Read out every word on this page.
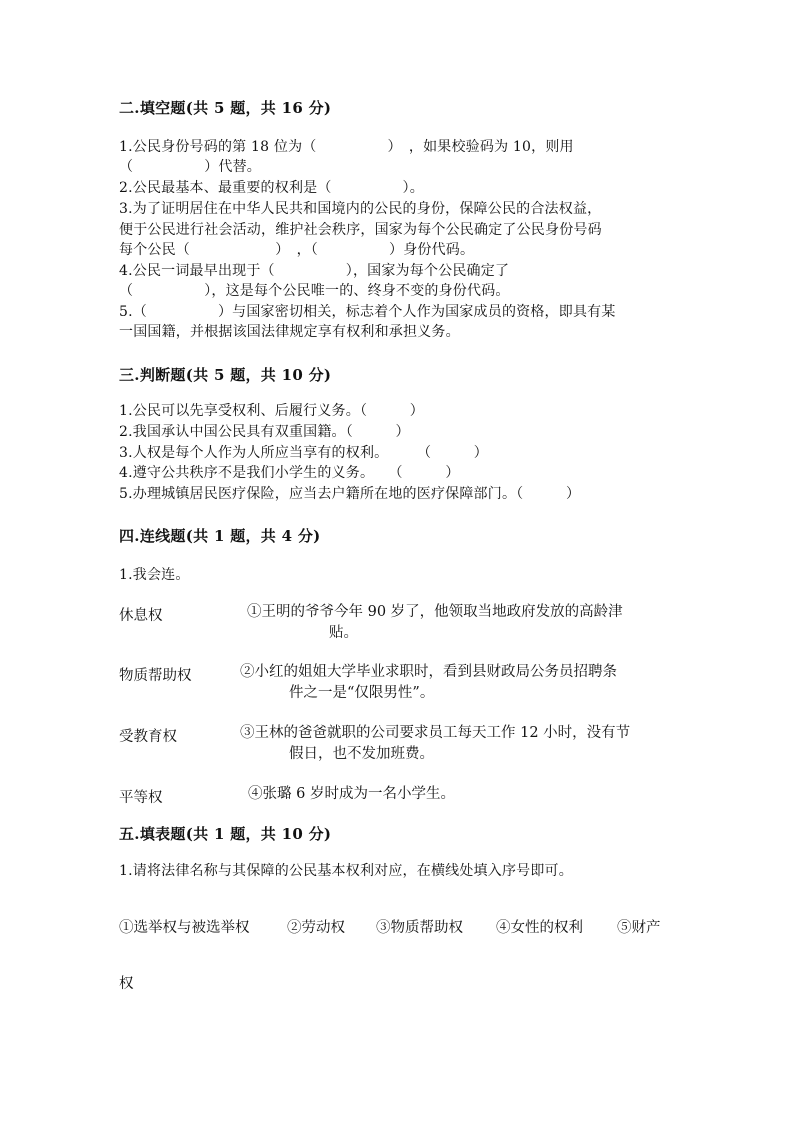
二.填空题(共 5 题，共 16 分)
1.公民身份号码的第 18 位为（　　　　　）　，如果校验码为 10，则用
（　　　　　）代替。
2.公民最基本、最重要的权利是（　　　　　）。
3.为了证明居住在中华人民共和国境内的公民的身份，保障公民的合法权益，
便于公民进行社会活动，维护社会秩序，国家为每个公民确定了公民身份号码
每个公民（　　　　　　）　，（　　　　　）身份代码。
4.公民一词最早出现于（　　　　　），国家为每个公民确定了
（　　　　　），这是每个公民唯一的、终身不变的身份代码。
5.（　　　　　）与国家密切相关，标志着个人作为国家成员的资格，即具有某
一国国籍，并根据该国法律规定享有权利和承担义务。
三.判断题(共 5 题，共 10 分)
1.公民可以先享受权利、后履行义务。（　　　）
2.我国承认中国公民具有双重国籍。（　　　）
3.人权是每个人作为人所应当享有的权利。　　　（　　　）
4.遵守公共秩序不是我们小学生的义务。　　（　　　）
5.办理城镇居民医疗保险，应当去户籍所在地的医疗保障部门。（　　　）
四.连线题(共 1 题，共 4 分)
1.我会连。
休息权	①王明的爷爷今年 90 岁了，他领取当地政府发放的高龄津
贴。
物质帮助权	②小红的姐姐大学毕业求职时，看到县财政局公务员招聘条
件之一是“仅限男性”。
受教育权	③王林的爸爸就职的公司要求员工每天工作 12 小时，没有节
假日，也不发加班费。
平等权	④张璐 6 岁时成为一名小学生。
五.填表题(共 1 题，共 10 分)
1.请将法律名称与其保障的公民基本权利对应，在横线处填入序号即可。
①选举权与被选举权	②劳动权 ③物质帮助权 ④女性的权利 ⑤财产
权
